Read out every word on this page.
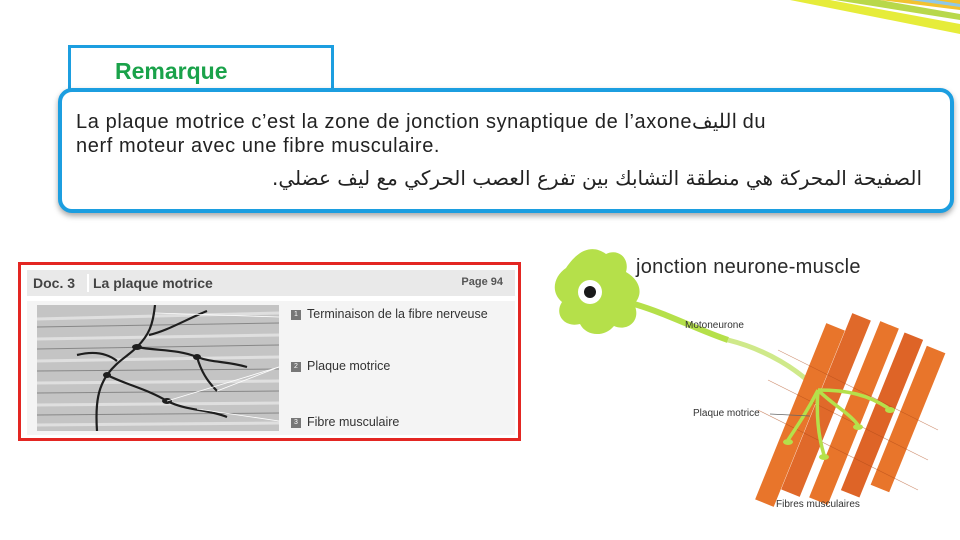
Remarque
La plaque motrice c’est la zone de jonction synaptique de l’axoneالليف du
nerf moteur avec une fibre musculaire.
الصفيحة المحركة هي منطقة التشابك بين تفرع العصب الحركي مع ليف عضلي.
Doc. 3 La plaque motrice	Page 94
1 Terminaison de la fibre nerveuse
2 Plaque motrice
3 Fibre musculaire
jonction neurone-muscle
Motoneurone
Plaque motrice
Fibres musculaires
